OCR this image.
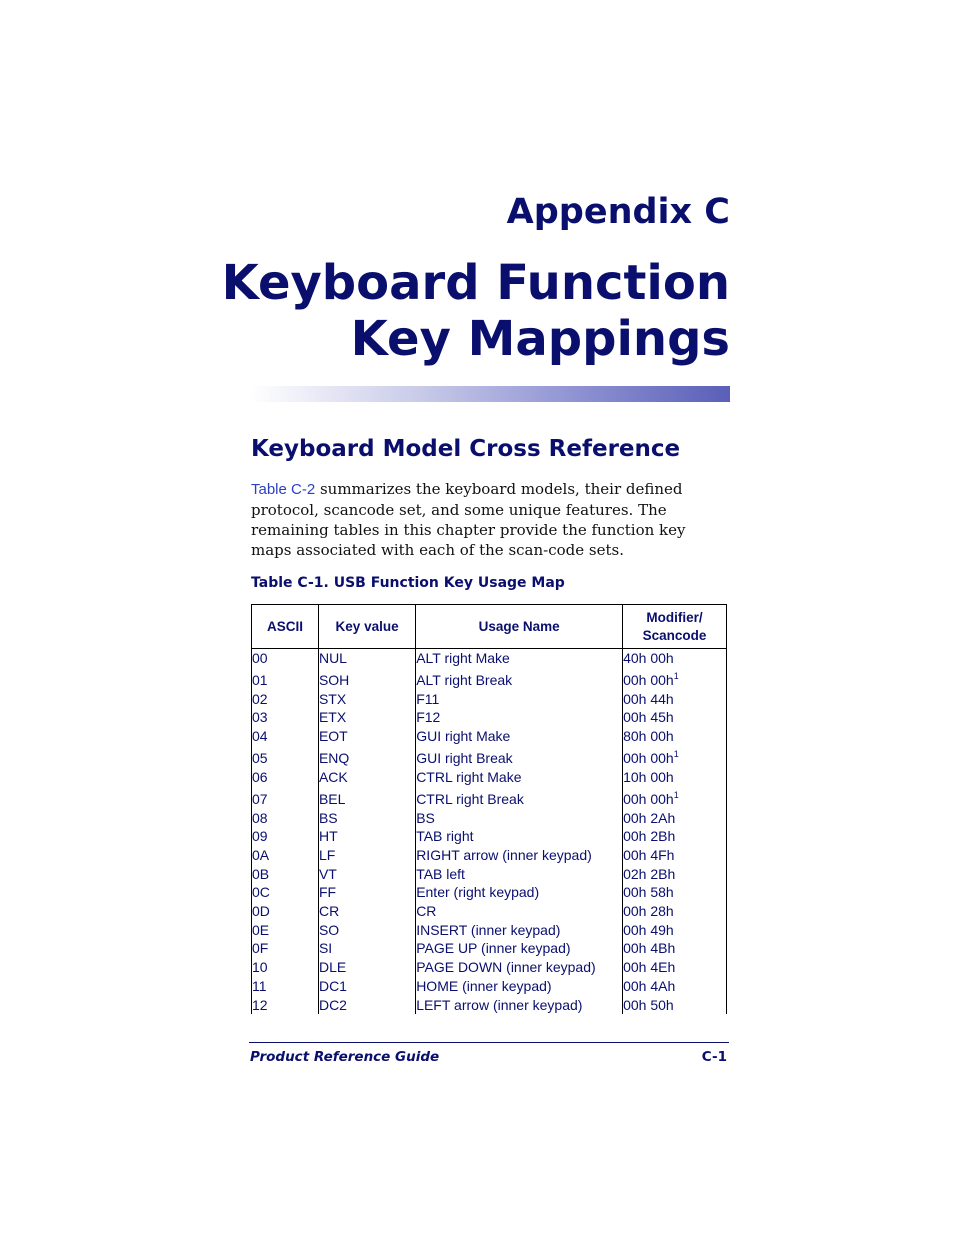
Appendix C
Keyboard Function
Key Mappings
Keyboard Model Cross Reference

Table C-2 summarizes the keyboard models, their defined protocol, scancode set, and some unique features. The remaining tables in this chapter provide the function key maps associated with each of the scan-code sets.

Table C-1. USB Function Key Usage Map
ASCII	Key value	Usage Name	Modifier/
Scancode
00	NUL	ALT right Make	40h 00h
01	SOH	ALT right Break	00h $00h^1$
02	STX	F11	00h 44h
03	ETX	F12	00h 45h
04	EOT	GUI right Make	80h 00h
05	ENQ	GUI right Break	00h $00h^1$
06	ACK	CTRL right Make	10h 00h
07	BEL	CTRL right Break	00h $00h^1$
08	BS	BS	00h 2Ah
09	HT	TAB right	00h 2Bh
0A	LF	RIGHT arrow (inner keypad)	00h 4Fh
0B	VT	TAB left	02h 2Bh
0C	FF	Enter (right keypad)	00h 58h
0D	CR	CR	00h 28h
0E	SO	INSERT (inner keypad)	00h 49h
0F	SI	PAGE UP (inner keypad)	00h 4Bh
10	DLE	PAGE DOWN (inner keypad)	00h 4Eh
11	DC1	HOME (inner keypad)	00h 4Ah
12	DC2	LEFT arrow (inner keypad)	00h 50h
Product Reference Guide	C-1
